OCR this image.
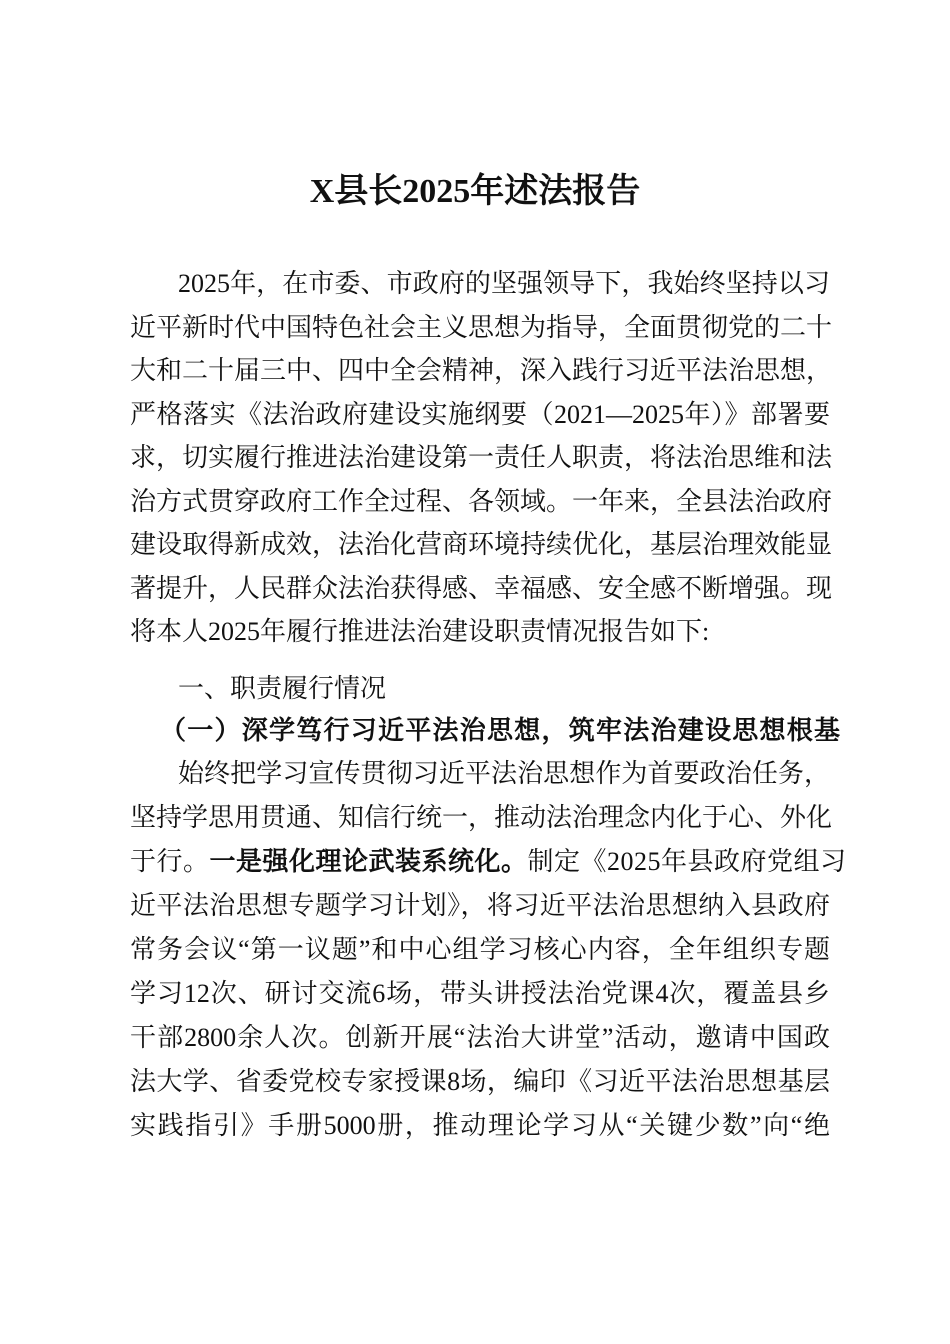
X县长2025年述法报告
2025年，在市委、市政府的坚强领导下，我始终坚持以习
近平新时代中国特色社会主义思想为指导，全面贯彻党的二十
大和二十届三中、四中全会精神，深入践行习近平法治思想，
严格落实《法治政府建设实施纲要（2021—2025年）》部署要
求，切实履行推进法治建设第一责任人职责，将法治思维和法
治方式贯穿政府工作全过程、各领域。一年来，全县法治政府
建设取得新成效，法治化营商环境持续优化，基层治理效能显
著提升，人民群众法治获得感、幸福感、安全感不断增强。现
将本人2025年履行推进法治建设职责情况报告如下:
一、职责履行情况
（一）深学笃行习近平法治思想，筑牢法治建设思想根基
始终把学习宣传贯彻习近平法治思想作为首要政治任务，
坚持学思用贯通、知信行统一，推动法治理念内化于心、外化
于行。一是强化理论武装系统化。制定《2025年县政府党组习
近平法治思想专题学习计划》，将习近平法治思想纳入县政府
常务会议“第一议题”和中心组学习核心内容，全年组织专题
学习12次、研讨交流6场，带头讲授法治党课4次，覆盖县乡
干部2800余人次。创新开展“法治大讲堂”活动，邀请中国政
法大学、省委党校专家授课8场，编印《习近平法治思想基层
实践指引》手册5000册，推动理论学习从“关键少数”向“绝
